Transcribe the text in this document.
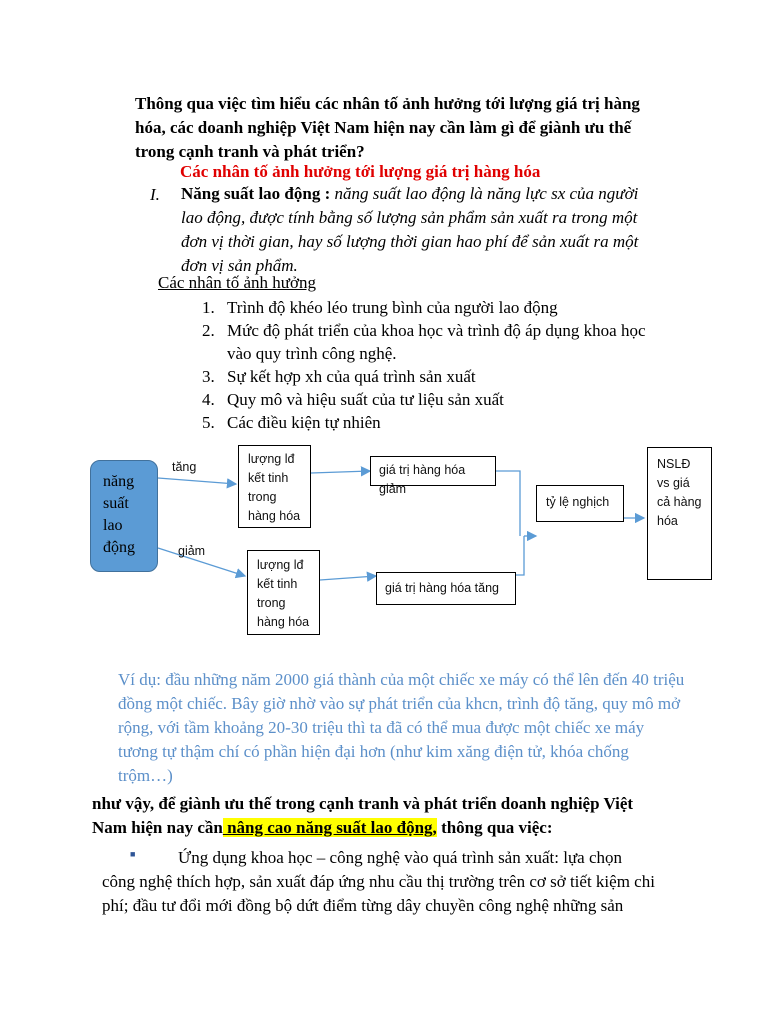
Thông qua việc tìm hiểu các nhân tố ảnh hưởng tới lượng giá trị hàng
hóa, các doanh nghiệp Việt Nam hiện nay cần làm gì để giành ưu thế
trong cạnh tranh và phát triển?
Các nhân tố ảnh hưởng tới lượng giá trị hàng hóa
I. Năng suất lao động : năng suất lao động là năng lực sx của người
lao động, được tính bằng số lượng sản phẩm sản xuất ra trong một
đơn vị thời gian, hay số lượng thời gian hao phí để sản xuất ra một
đơn vị sản phẩm.
Các nhân tố ảnh hưởng
1. Trình độ khéo léo trung bình của người lao động
2. Mức độ phát triển của khoa học và trình độ áp dụng khoa học
vào quy trình công nghệ.
3. Sự kết hợp xh của quá trình sản xuất
4. Quy mô và hiệu suất của tư liệu sản xuất
5. Các điều kiện tự nhiên
năng
suất
lao
động
tăng
giảm
lượng lđ
kết tinh
trong
hàng hóa
lượng lđ
kết tinh
trong
hàng hóa
giá trị hàng hóa giảm
giá trị hàng hóa tăng
tỷ lệ nghịch
NSLĐ
vs giá
cả hàng
hóa
Ví dụ: đầu những năm 2000 giá thành của một chiếc xe máy có thể lên đến 40 triệu
đồng một chiếc. Bây giờ nhờ vào sự phát triển của khcn, trình độ tăng, quy mô mở
rộng, với tầm khoảng 20-30 triệu thì ta đã có thể mua được một chiếc xe máy
tương tự thậm chí có phần hiện đại hơn (như kim xăng điện tử, khóa chống
trộm…)
như vậy, để giành ưu thế trong cạnh tranh và phát triển doanh nghiệp Việt
Nam hiện nay cần nâng cao năng suất lao động, thông qua việc:
■	Ứng dụng khoa học – công nghệ vào quá trình sản xuất: lựa chọn
công nghệ thích hợp, sản xuất đáp ứng nhu cầu thị trường trên cơ sở tiết kiệm chi
phí; đầu tư đổi mới đồng bộ dứt điểm từng dây chuyền công nghệ những sản
